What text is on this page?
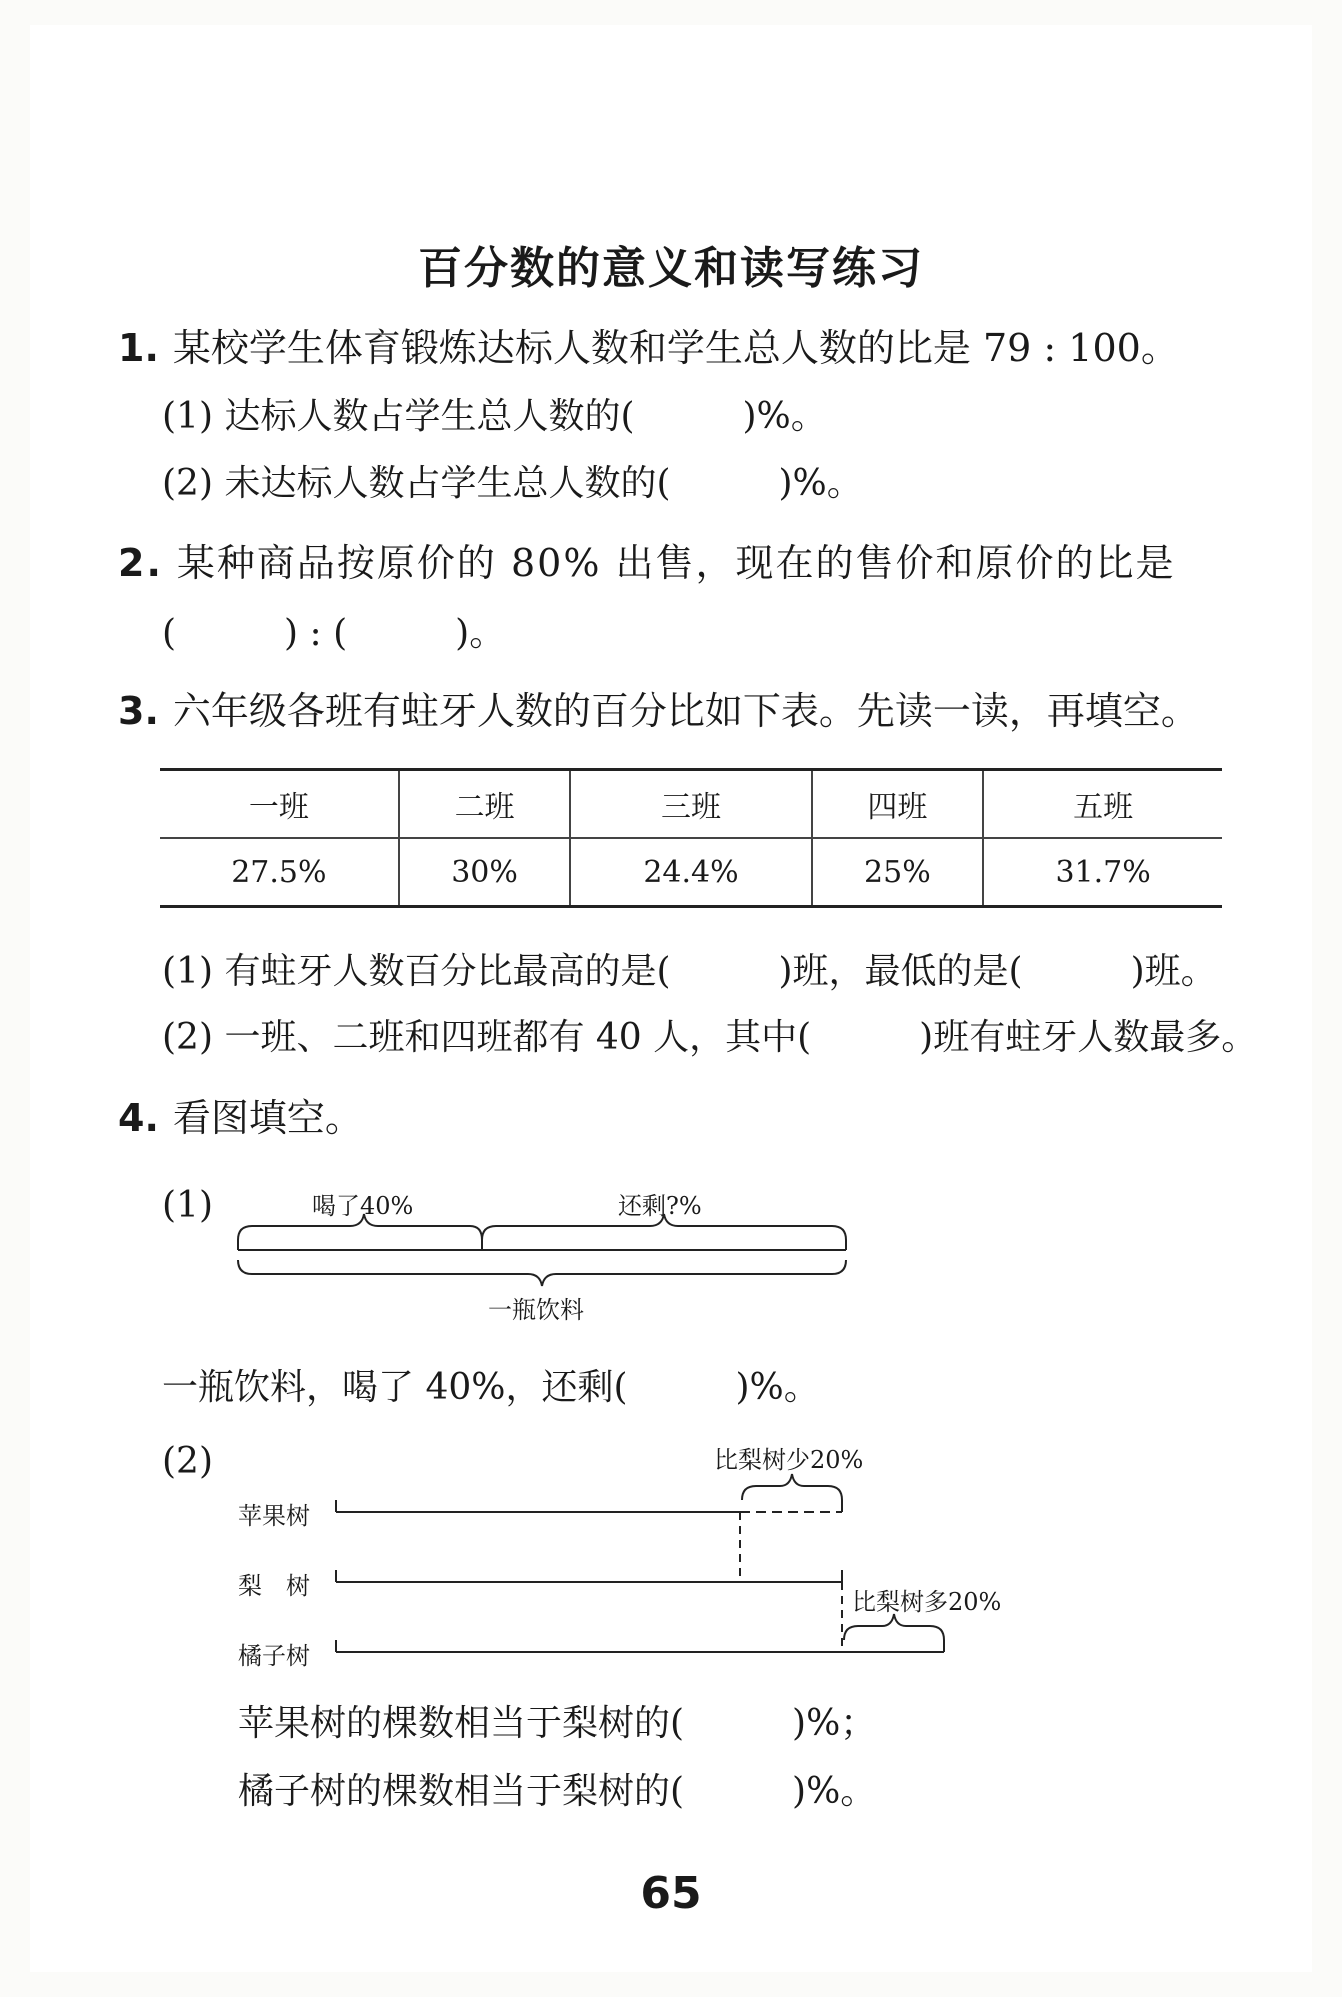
百分数的意义和读写练习
1. 某校学生体育锻炼达标人数和学生总人数的比是 79 : 100。
(1) 达标人数占学生总人数的(　　　)%。
(2) 未达标人数占学生总人数的(　　　)%。
2. 某种商品按原价的 80% 出售，现在的售价和原价的比是
(　　　) : (　　　)。
3. 六年级各班有蛀牙人数的百分比如下表。先读一读，再填空。
一班	二班	三班	四班	五班
27.5%	30%	24.4%	25%	31.7%
(1) 有蛀牙人数百分比最高的是(　　　)班，最低的是(　　　)班。
(2) 一班、二班和四班都有 40 人，其中(　　　)班有蛀牙人数最多。
4. 看图填空。
(1)	喝了40%	还剩?%
一瓶饮料
一瓶饮料，喝了 40%，还剩(　　　)%。
(2)	比梨树少20%
苹果树
梨　树
比梨树多20%
橘子树
苹果树的棵数相当于梨树的(　　　)%；
橘子树的棵数相当于梨树的(　　　)%。
65
